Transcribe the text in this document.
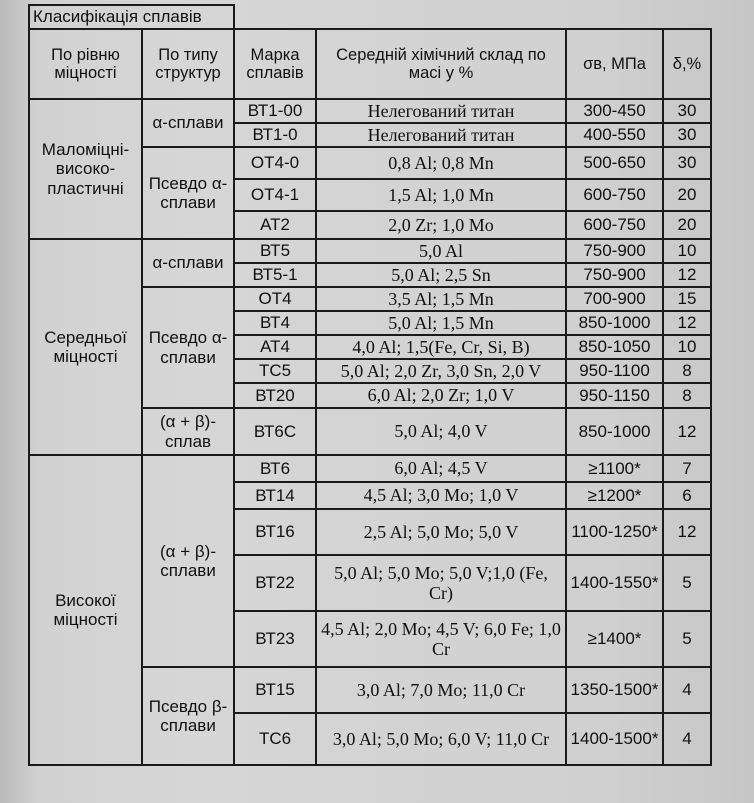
Класифікація сплавів					
По рівню міцності	По типу структур	Марка сплавів	Середній хімічний склад по масі у %	σв, МПа	δ,%
Маломіцні-високо-пластичні	α-сплави	ВТ1-00	Нелегований титан	300-450	30
		ВТ1-0	Нелегований титан	400-550	30
	Псевдо α-сплави	ОТ4-0	0,8 Al; 0,8 Mn	500-650	30
		ОТ4-1	1,5 Al; 1,0 Mn	600-750	20
		АТ2	2,0 Zr; 1,0 Mo	600-750	20
Середньої міцності	α-сплави	ВТ5	5,0 Al	750-900	10
		ВТ5-1	5,0 Al; 2,5 Sn	750-900	12
	Псевдо α-сплави	ОТ4	3,5 Al; 1,5 Mn	700-900	15
		ВТ4	5,0 Al; 1,5 Mn	850-1000	12
		АТ4	4,0 Al; 1,5(Fe, Cr, Si, B)	850-1050	10
		ТС5	5,0 Al; 2,0 Zr, 3,0 Sn, 2,0 V	950-1100	8
		ВТ20	6,0 Al; 2,0 Zr; 1,0 V	950-1150	8
	(α + β)-сплав	ВТ6С	5,0 Al; 4,0 V	850-1000	12
Високої міцності	(α + β)-сплави	ВТ6	6,0 Al; 4,5 V	≥1100*	7
		ВТ14	4,5 Al; 3,0 Mo; 1,0 V	≥1200*	6
		ВТ16	2,5 Al; 5,0 Mo; 5,0 V	1100-1250*	12
		ВТ22	5,0 Al; 5,0 Mo; 5,0 V;1,0 (Fe, Cr)	1400-1550*	5
		ВТ23	4,5 Al; 2,0 Mo; 4,5 V; 6,0 Fe; 1,0 Cr	≥1400*	5
	Псевдо β-сплави	ВТ15	3,0 Al; 7,0 Mo; 11,0 Cr	1350-1500*	4
		ТС6	3,0 Al; 5,0 Mo; 6,0 V; 11,0 Cr	1400-1500*	4
